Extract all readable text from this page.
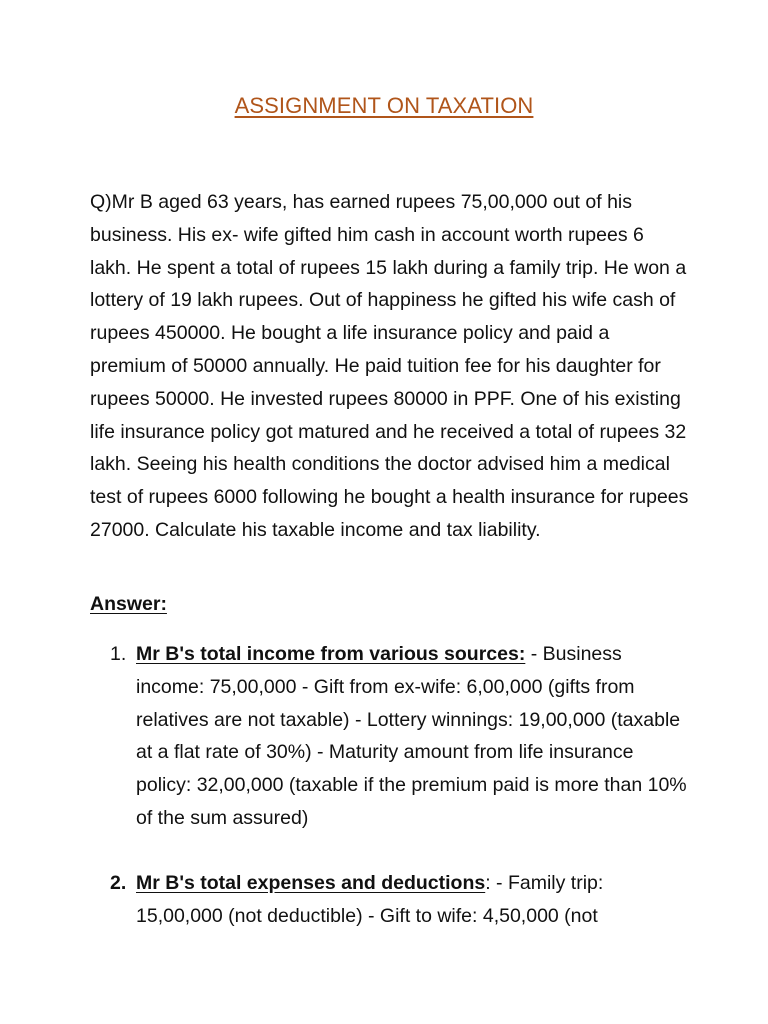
ASSIGNMENT ON TAXATION

Q)Mr B aged 63 years, has earned rupees 75,00,000 out of his business. His ex- wife gifted him cash in account worth rupees 6 lakh. He spent a total of rupees 15 lakh during a family trip. He won a lottery of 19 lakh rupees. Out of happiness he gifted his wife cash of rupees 450000. He bought a life insurance policy and paid a premium of 50000 annually. He paid tuition fee for his daughter for rupees 50000. He invested rupees 80000 in PPF. One of his existing life insurance policy got matured and he received a total of rupees 32 lakh. Seeing his health conditions the doctor advised him a medical test of rupees 6000 following he bought a health insurance for rupees 27000. Calculate his taxable income and tax liability.

Answer:

1. Mr B's total income from various sources: - Business income: 75,00,000 - Gift from ex-wife: 6,00,000 (gifts from relatives are not taxable) - Lottery winnings: 19,00,000 (taxable at a flat rate of 30%) - Maturity amount from life insurance policy: 32,00,000 (taxable if the premium paid is more than 10% of the sum assured)
2. Mr B's total expenses and deductions: - Family trip: 15,00,000 (not deductible) - Gift to wife: 4,50,000 (not
